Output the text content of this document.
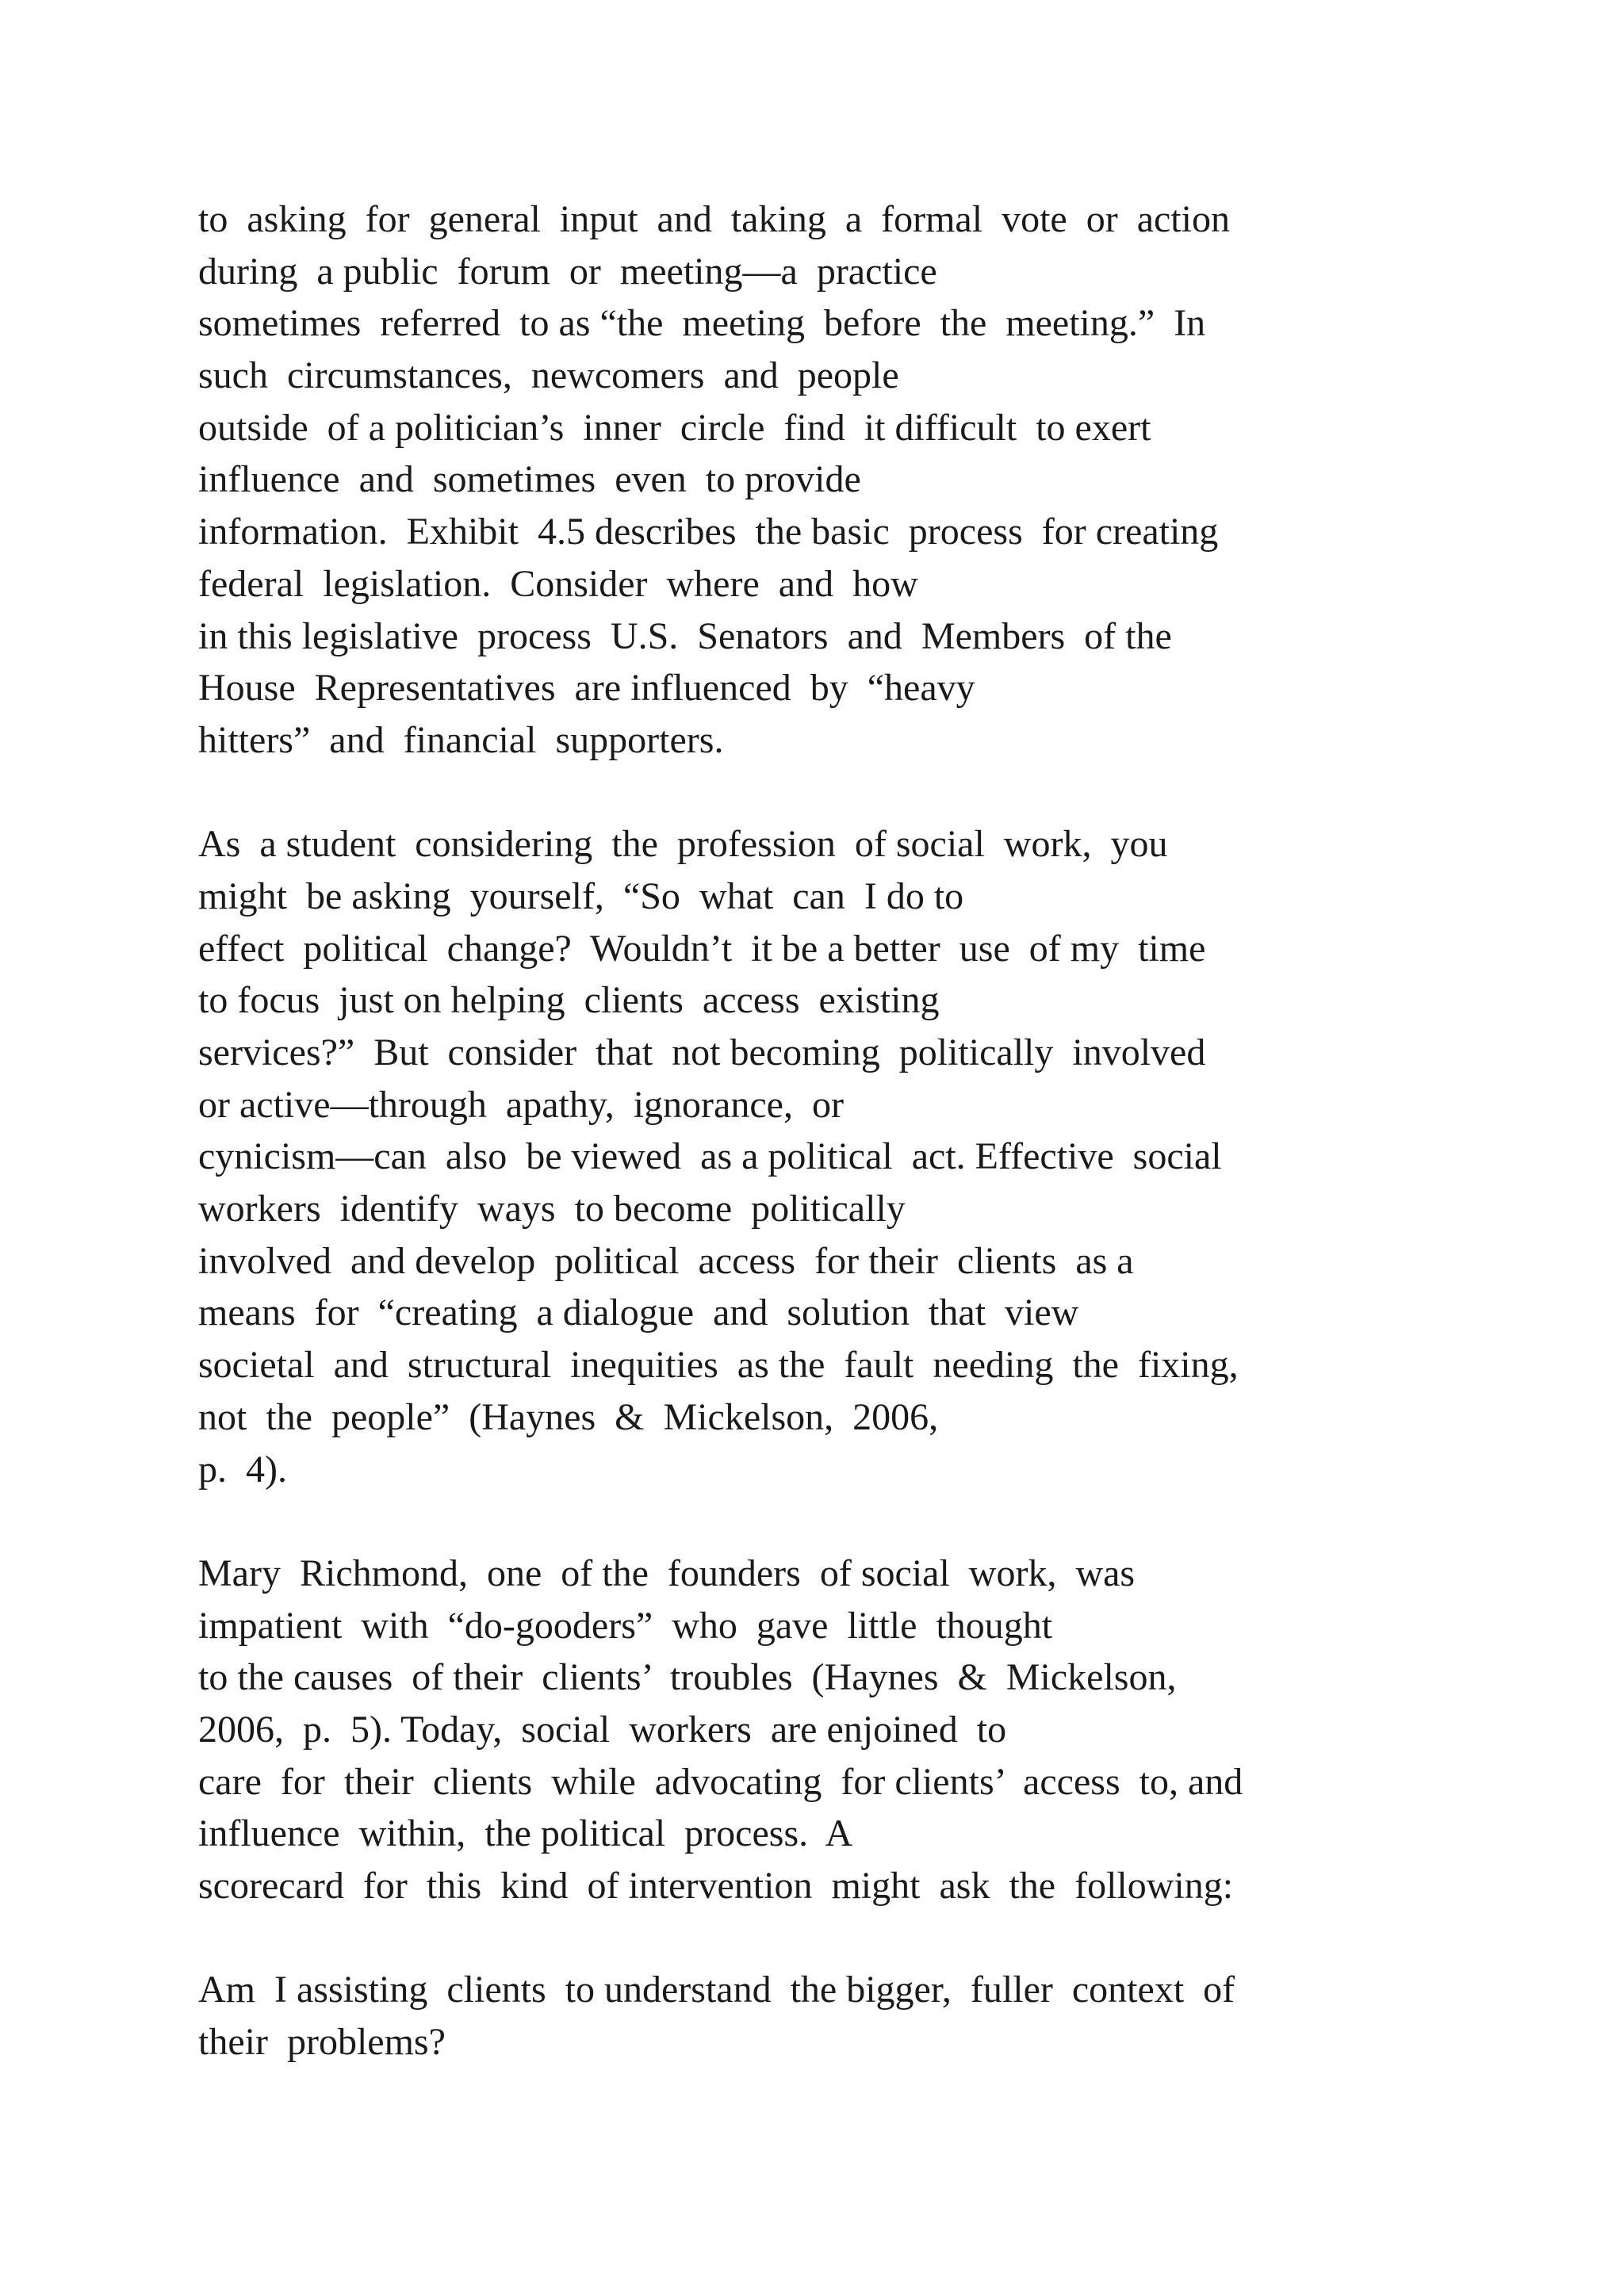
to  asking  for  general  input  and  taking  a  formal  vote  or  action
during  a public  forum  or  meeting—a  practice
sometimes  referred  to as “the  meeting  before  the  meeting.”  In
such  circumstances,  newcomers  and  people
outside  of a politician’s  inner  circle  find  it difficult  to exert
influence  and  sometimes  even  to provide
information.  Exhibit  4.5 describes  the basic  process  for creating
federal  legislation.  Consider  where  and  how
in this legislative  process  U.S.  Senators  and  Members  of the
House  Representatives  are influenced  by  “heavy
hitters”  and  financial  supporters.
As  a student  considering  the  profession  of social  work,  you
might  be asking  yourself,  “So  what  can  I do to
effect  political  change?  Wouldn’t  it be a better  use  of my  time
to focus  just on helping  clients  access  existing
services?”  But  consider  that  not becoming  politically  involved
or active—through  apathy,  ignorance,  or
cynicism—can  also  be viewed  as a political  act. Effective  social
workers  identify  ways  to become  politically
involved  and develop  political  access  for their  clients  as a
means  for  “creating  a dialogue  and  solution  that  view
societal  and  structural  inequities  as the  fault  needing  the  fixing,
not  the  people”  (Haynes  &  Mickelson,  2006,
p.  4).
Mary  Richmond,  one  of the  founders  of social  work,  was
impatient  with  “do-gooders”  who  gave  little  thought
to the causes  of their  clients’  troubles  (Haynes  &  Mickelson,
2006,  p.  5). Today,  social  workers  are enjoined  to
care  for  their  clients  while  advocating  for clients’  access  to, and
influence  within,  the political  process.  A
scorecard  for  this  kind  of intervention  might  ask  the  following:
Am  I assisting  clients  to understand  the bigger,  fuller  context  of
their  problems?
